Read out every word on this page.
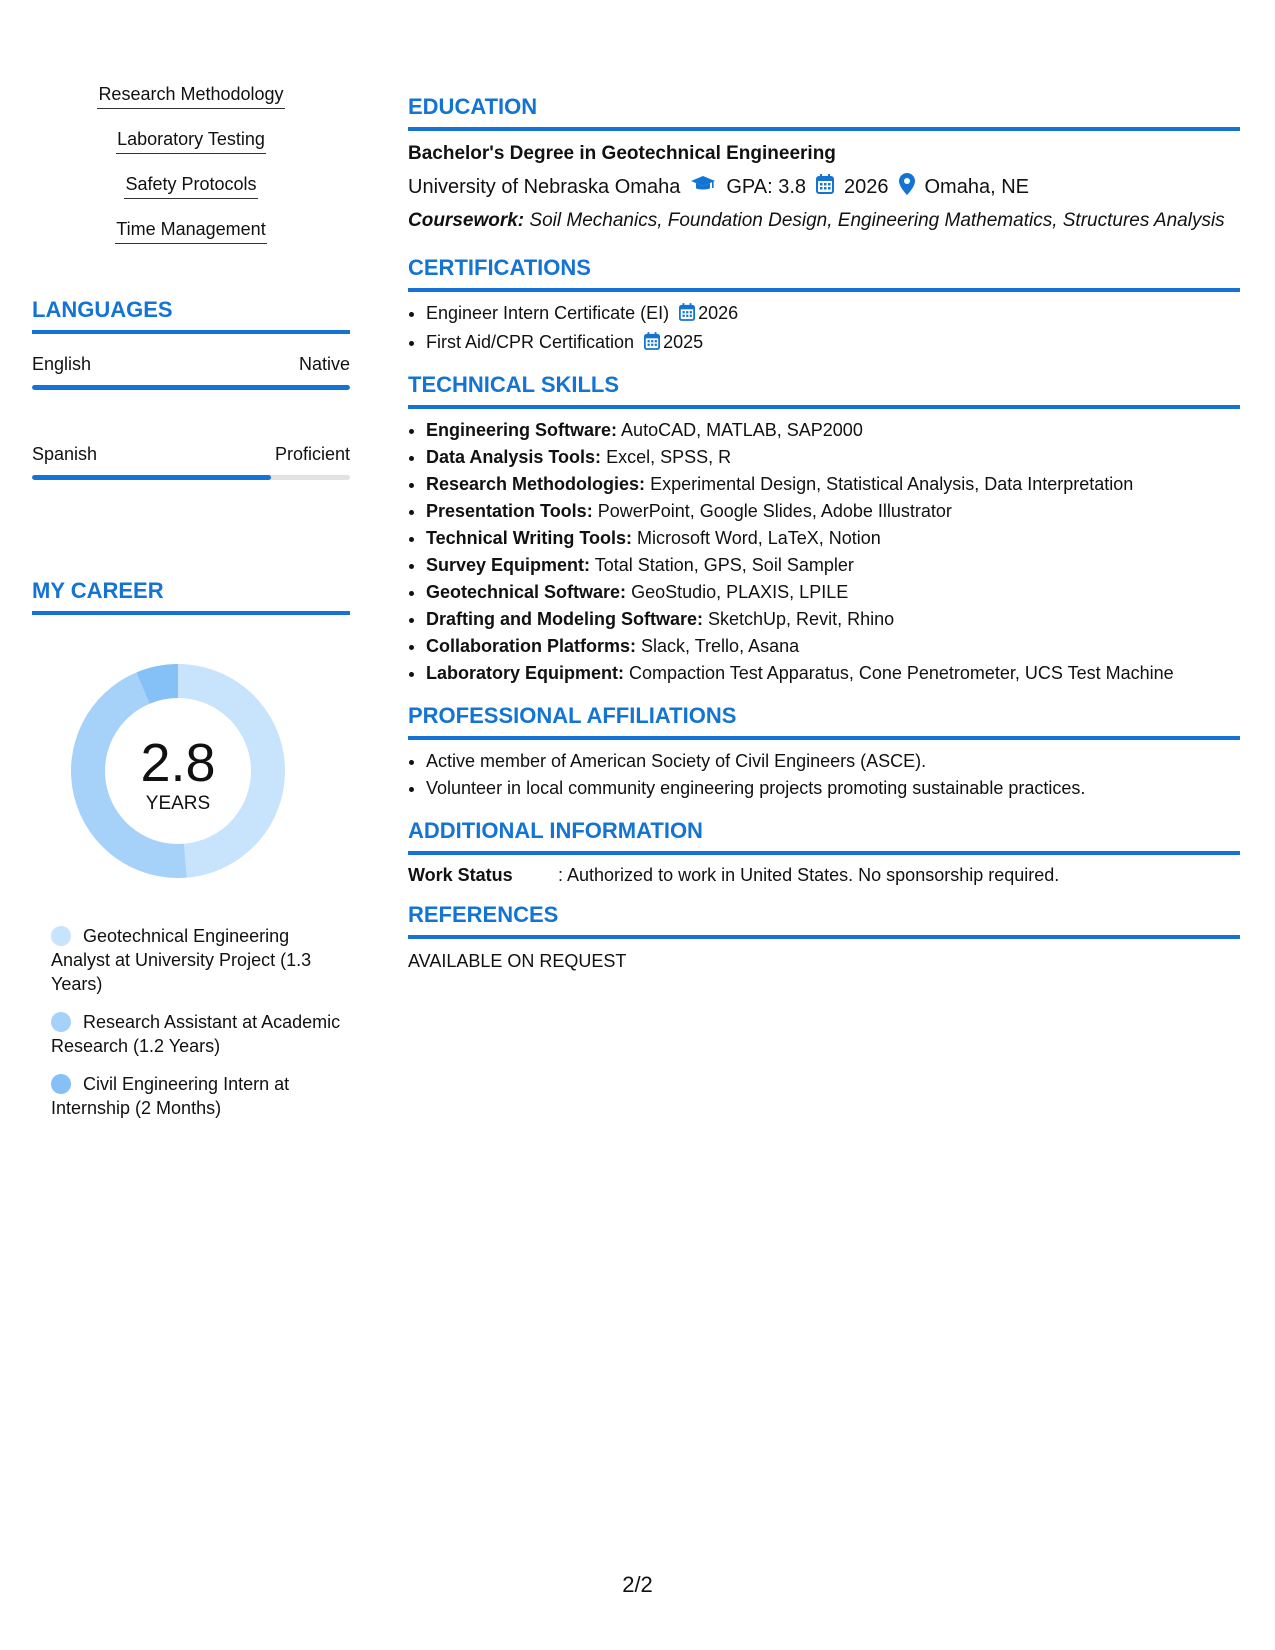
Research Methodology
Laboratory Testing
Safety Protocols
Time Management
LANGUAGES
English	Native
Spanish	Proficient
MY CAREER
2.8
YEARS
Geotechnical Engineering Analyst at University Project (1.3 Years)
Research Assistant at Academic Research (1.2 Years)
Civil Engineering Intern at Internship (2 Months)
EDUCATION
Bachelor's Degree in Geotechnical Engineering
University of Nebraska Omaha GPA: 3.8 2026 Omaha, NE
Coursework: Soil Mechanics, Foundation Design, Engineering Mathematics, Structures Analysis
CERTIFICATIONS
• Engineer Intern Certificate (EI) 2026
• First Aid/CPR Certification 2025
TECHNICAL SKILLS
• Engineering Software: AutoCAD, MATLAB, SAP2000
• Data Analysis Tools: Excel, SPSS, R
• Research Methodologies: Experimental Design, Statistical Analysis, Data Interpretation
• Presentation Tools: PowerPoint, Google Slides, Adobe Illustrator
• Technical Writing Tools: Microsoft Word, LaTeX, Notion
• Survey Equipment: Total Station, GPS, Soil Sampler
• Geotechnical Software: GeoStudio, PLAXIS, LPILE
• Drafting and Modeling Software: SketchUp, Revit, Rhino
• Collaboration Platforms: Slack, Trello, Asana
• Laboratory Equipment: Compaction Test Apparatus, Cone Penetrometer, UCS Test Machine
PROFESSIONAL AFFILIATIONS
• Active member of American Society of Civil Engineers (ASCE).
• Volunteer in local community engineering projects promoting sustainable practices.
ADDITIONAL INFORMATION
Work Status	: Authorized to work in United States. No sponsorship required.
REFERENCES
AVAILABLE ON REQUEST
2/2
